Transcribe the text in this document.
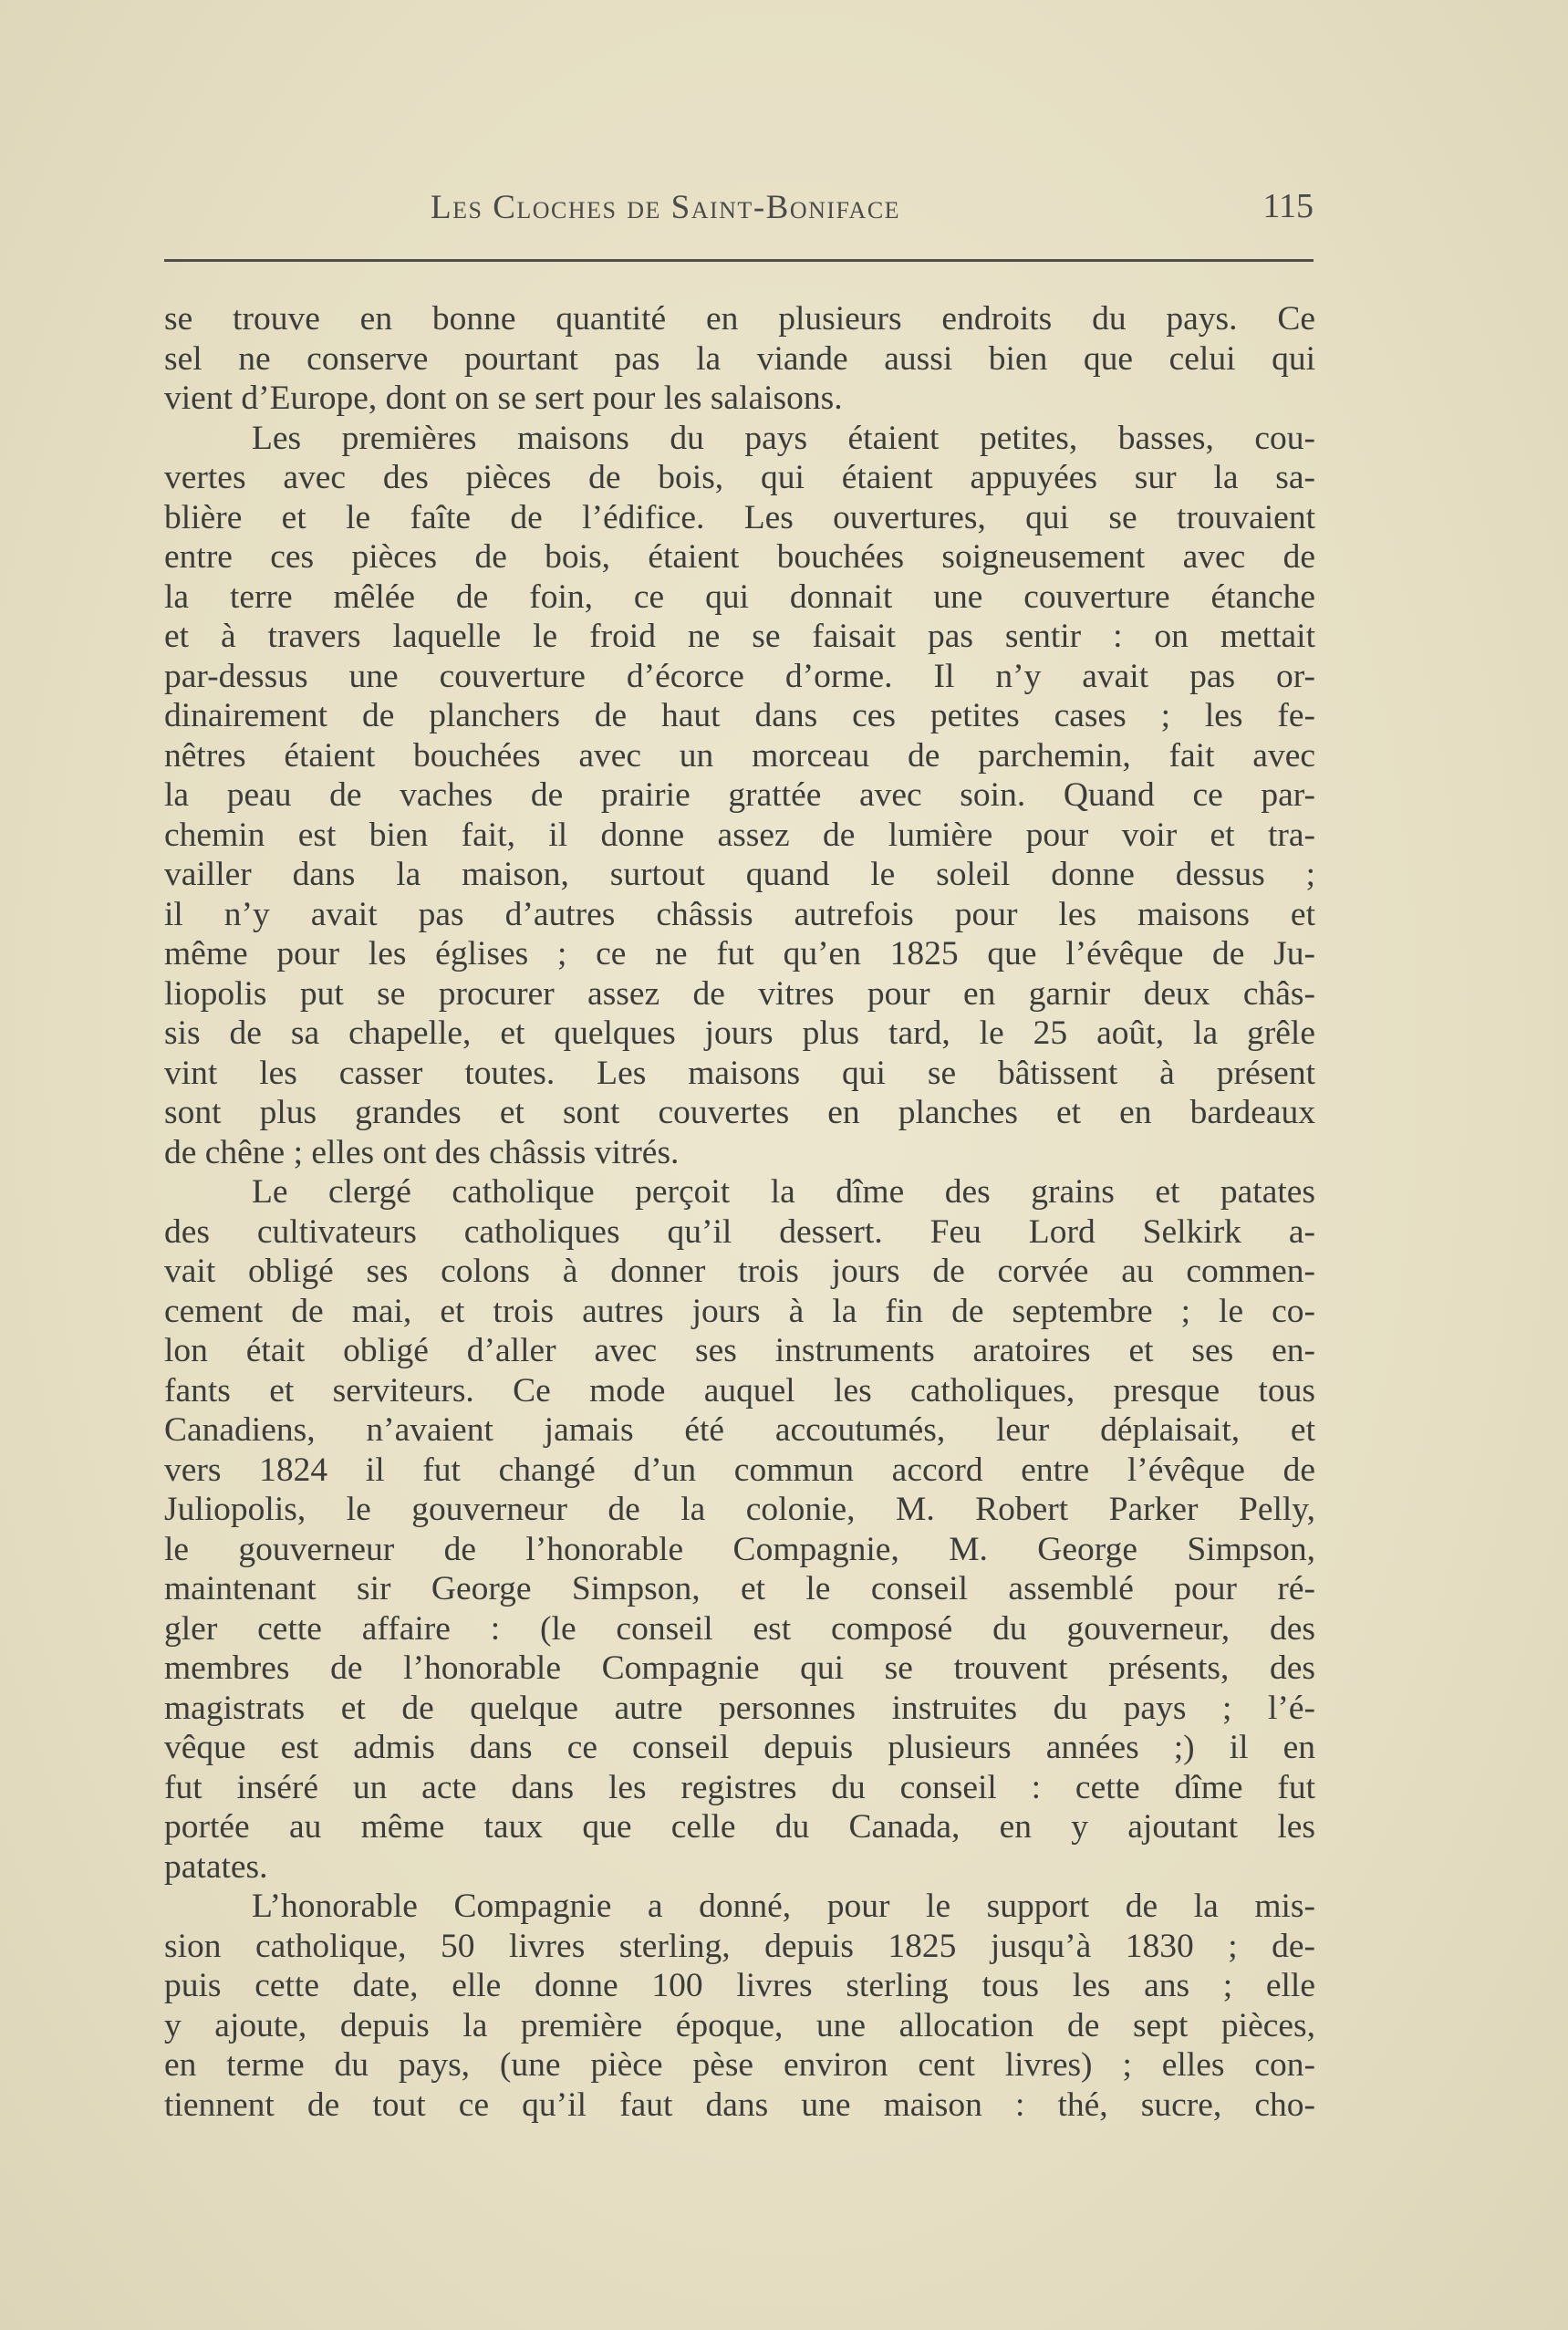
Les Cloches de Saint-Boniface	115
se trouve en bonne quantité en plusieurs endroits du pays. Ce
sel ne conserve pourtant pas la viande aussi bien que celui qui
vient d’Europe, dont on se sert pour les salaisons.
Les premières maisons du pays étaient petites, basses, cou-
vertes avec des pièces de bois, qui étaient appuyées sur la sa-
blière et le faîte de l’édifice. Les ouvertures, qui se trouvaient
entre ces pièces de bois, étaient bouchées soigneusement avec de
la terre mêlée de foin, ce qui donnait une couverture étanche
et à travers laquelle le froid ne se faisait pas sentir : on mettait
par-dessus une couverture d’écorce d’orme. Il n’y avait pas or-
dinairement de planchers de haut dans ces petites cases ; les fe-
nêtres étaient bouchées avec un morceau de parchemin, fait avec
la peau de vaches de prairie grattée avec soin. Quand ce par-
chemin est bien fait, il donne assez de lumière pour voir et tra-
vailler dans la maison, surtout quand le soleil donne dessus ;
il n’y avait pas d’autres châssis autrefois pour les maisons et
même pour les églises ; ce ne fut qu’en 1825 que l’évêque de Ju-
liopolis put se procurer assez de vitres pour en garnir deux châs-
sis de sa chapelle, et quelques jours plus tard, le 25 août, la grêle
vint les casser toutes. Les maisons qui se bâtissent à présent
sont plus grandes et sont couvertes en planches et en bardeaux
de chêne ; elles ont des châssis vitrés.
Le clergé catholique perçoit la dîme des grains et patates
des cultivateurs catholiques qu’il dessert. Feu Lord Selkirk a-
vait obligé ses colons à donner trois jours de corvée au commen-
cement de mai, et trois autres jours à la fin de septembre ; le co-
lon était obligé d’aller avec ses instruments aratoires et ses en-
fants et serviteurs. Ce mode auquel les catholiques, presque tous
Canadiens, n’avaient jamais été accoutumés, leur déplaisait, et
vers 1824 il fut changé d’un commun accord entre l’évêque de
Juliopolis, le gouverneur de la colonie, M. Robert Parker Pelly,
le gouverneur de l’honorable Compagnie, M. George Simpson,
maintenant sir George Simpson, et le conseil assemblé pour ré-
gler cette affaire : (le conseil est composé du gouverneur, des
membres de l’honorable Compagnie qui se trouvent présents, des
magistrats et de quelque autre personnes instruites du pays ; l’é-
vêque est admis dans ce conseil depuis plusieurs années ;) il en
fut inséré un acte dans les registres du conseil : cette dîme fut
portée au même taux que celle du Canada, en y ajoutant les
patates.
L’honorable Compagnie a donné, pour le support de la mis-
sion catholique, 50 livres sterling, depuis 1825 jusqu’à 1830 ; de-
puis cette date, elle donne 100 livres sterling tous les ans ; elle
y ajoute, depuis la première époque, une allocation de sept pièces,
en terme du pays, (une pièce pèse environ cent livres) ; elles con-
tiennent de tout ce qu’il faut dans une maison : thé, sucre, cho-
